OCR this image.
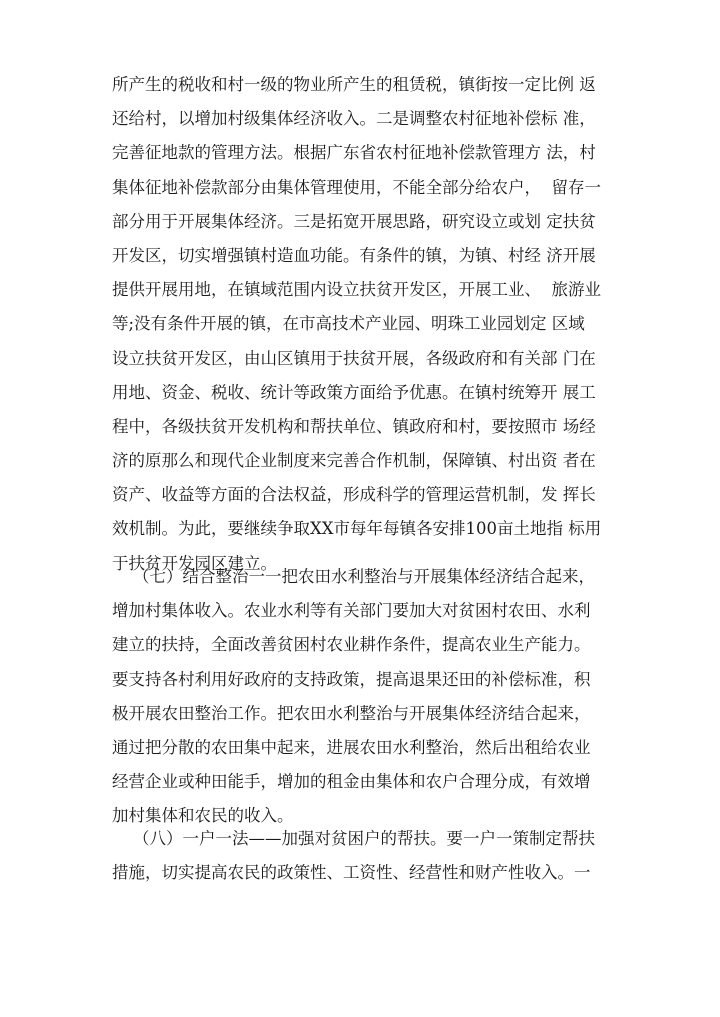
所产生的税收和村一级的物业所产生的租赁税，镇街按一定比例 返
还给村，以增加村级集体经济收入。二是调整农村征地补偿标 准，
完善征地款的管理方法。根据广东省农村征地补偿款管理方 法，村
集体征地补偿款部分由集体管理使用，不能全部分给农户，  留存一
部分用于开展集体经济。三是拓宽开展思路，研究设立或划 定扶贫
开发区，切实增强镇村造血功能。有条件的镇，为镇、村经 济开展
提供开展用地，在镇域范围内设立扶贫开发区，开展工业、  旅游业
等;没有条件开展的镇，在市高技术产业园、明珠工业园划定 区域
设立扶贫开发区，由山区镇用于扶贫开展，各级政府和有关部 门在
用地、资金、税收、统计等政策方面给予优惠。在镇村统筹开 展工
程中，各级扶贫开发机构和帮扶单位、镇政府和村，要按照市 场经
济的原那么和现代企业制度来完善合作机制，保障镇、村出资 者在
资产、收益等方面的合法权益，形成科学的管理运营机制，发 挥长
效机制。为此，要继续争取XX市每年每镇各安排100亩土地指 标用
于扶贫开发园区建立。
（七）结合整治一一把农田水利整治与开展集体经济结合起来，
增加村集体收入。农业水利等有关部门要加大对贫困村农田、水利
建立的扶持，全面改善贫困村农业耕作条件，提高农业生产能力。
要支持各村利用好政府的支持政策，提高退果还田的补偿标准，积
极开展农田整治工作。把农田水利整治与开展集体经济结合起来，
通过把分散的农田集中起来，进展农田水利整治，然后出租给农业
经营企业或种田能手，增加的租金由集体和农户合理分成，有效增
加村集体和农民的收入。
（八）一户一法——加强对贫困户的帮扶。要一户一策制定帮扶
措施，切实提高农民的政策性、工资性、经营性和财产性收入。一
